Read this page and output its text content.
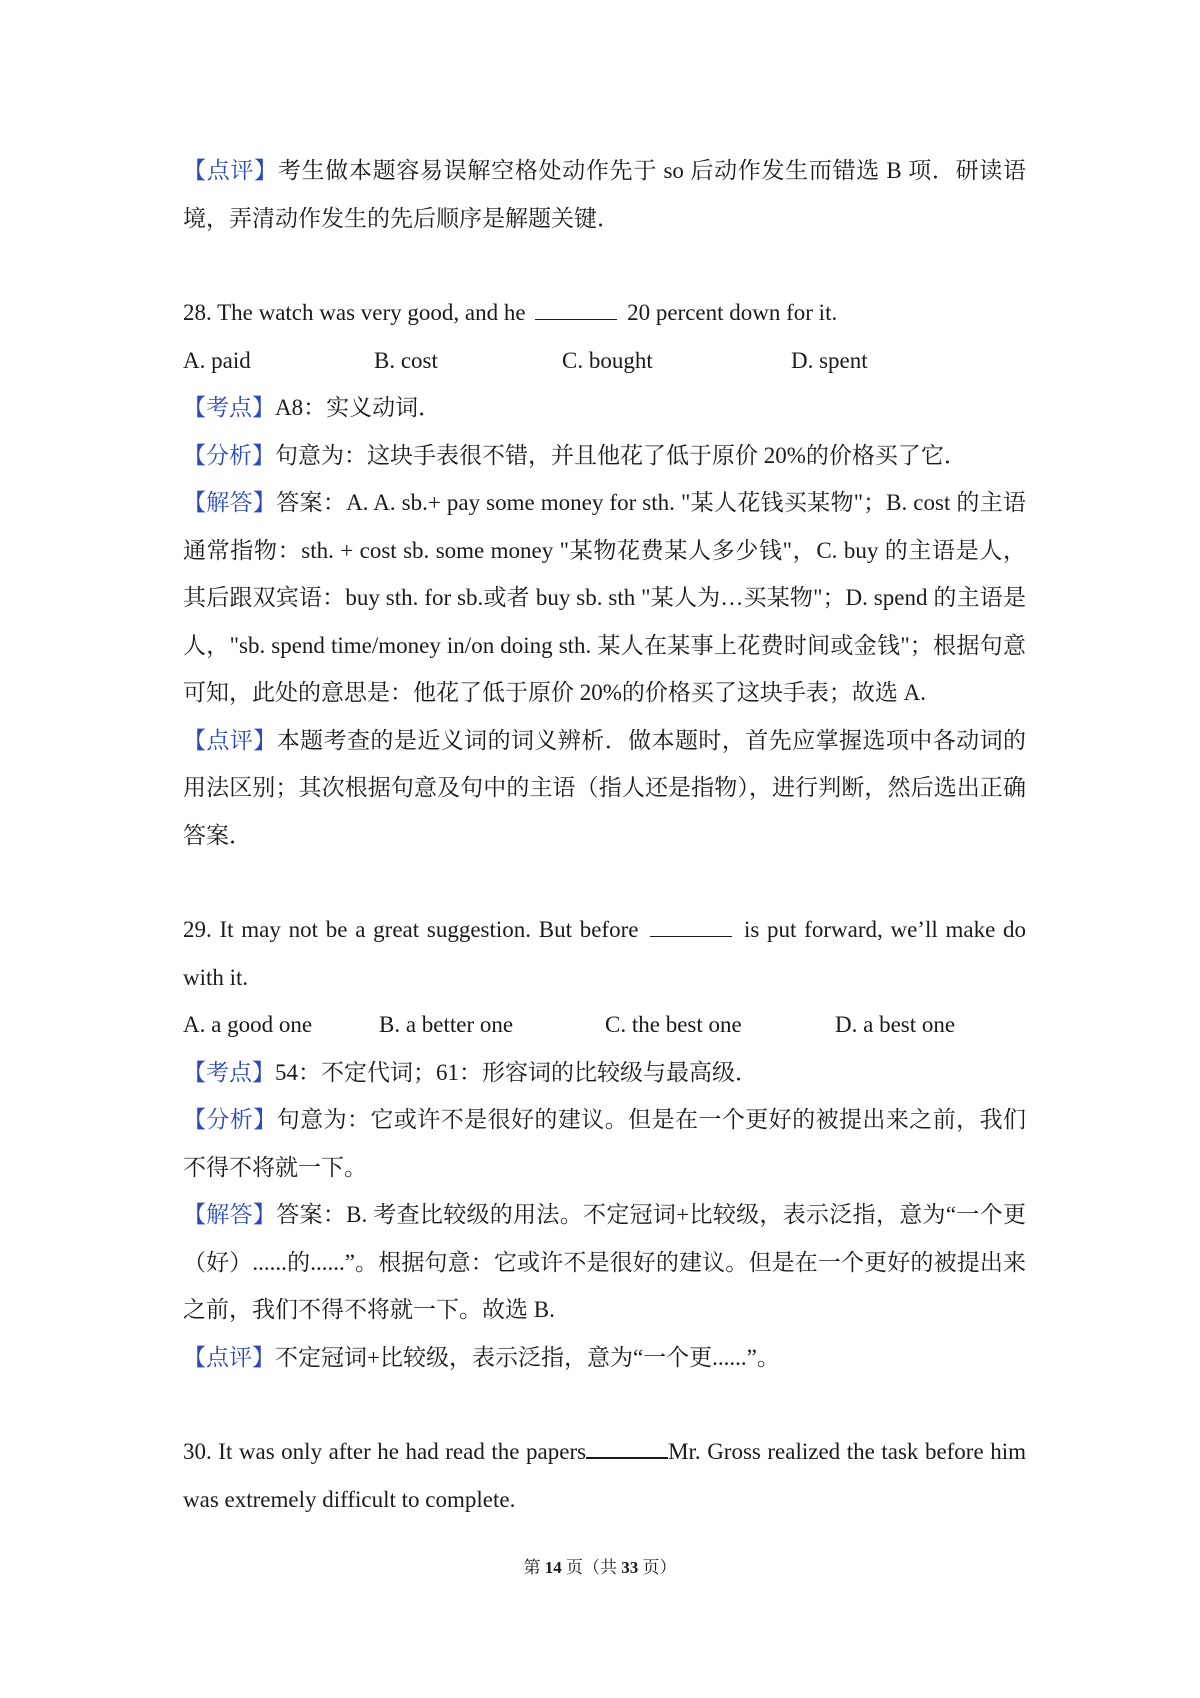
【点评】考生做本题容易误解空格处动作先于 so 后动作发生而错选 B 项．研读语境，弄清动作发生的先后顺序是解题关键．

28. The watch was very good, and he	20 percent down for it.

A. paid	B. cost	C. bought	D. spent

【考点】A8：实义动词．

【分析】句意为：这块手表很不错，并且他花了低于原价 20%的价格买了它．

【解答】答案：A. A. sb.+ pay some money for sth. "某人花钱买某物"；B. cost 的主语通常指物：sth. + cost sb. some money "某物花费某人多少钱"，C. buy 的主语是人，其后跟双宾语：buy sth. for sb.或者 buy sb. sth "某人为…买某物"；D. spend 的主语是人，"sb. spend time/money in/on doing sth. 某人在某事上花费时间或金钱"；根据句意可知，此处的意思是：他花了低于原价 20%的价格买了这块手表；故选 A.

【点评】本题考查的是近义词的词义辨析．做本题时，首先应掌握选项中各动词的用法区别；其次根据句意及句中的主语（指人还是指物），进行判断，然后选出正确答案．

29. It may not be a great suggestion. But before	is put forward, we’ll make do with it.

A. a good one	B. a better one	C. the best one	D. a best one

【考点】54：不定代词；61：形容词的比较级与最高级．

【分析】句意为：它或许不是很好的建议。但是在一个更好的被提出来之前，我们不得不将就一下。

【解答】答案：B. 考查比较级的用法。不定冠词+比较级，表示泛指，意为“一个更（好）......的......”。根据句意：它或许不是很好的建议。但是在一个更好的被提出来之前，我们不得不将就一下。故选 B.

【点评】不定冠词+比较级，表示泛指，意为“一个更......”。

30. It was only after he had read the papers	Mr. Gross realized the task before him was extremely difficult to complete.

第 14 页（共 33 页）
